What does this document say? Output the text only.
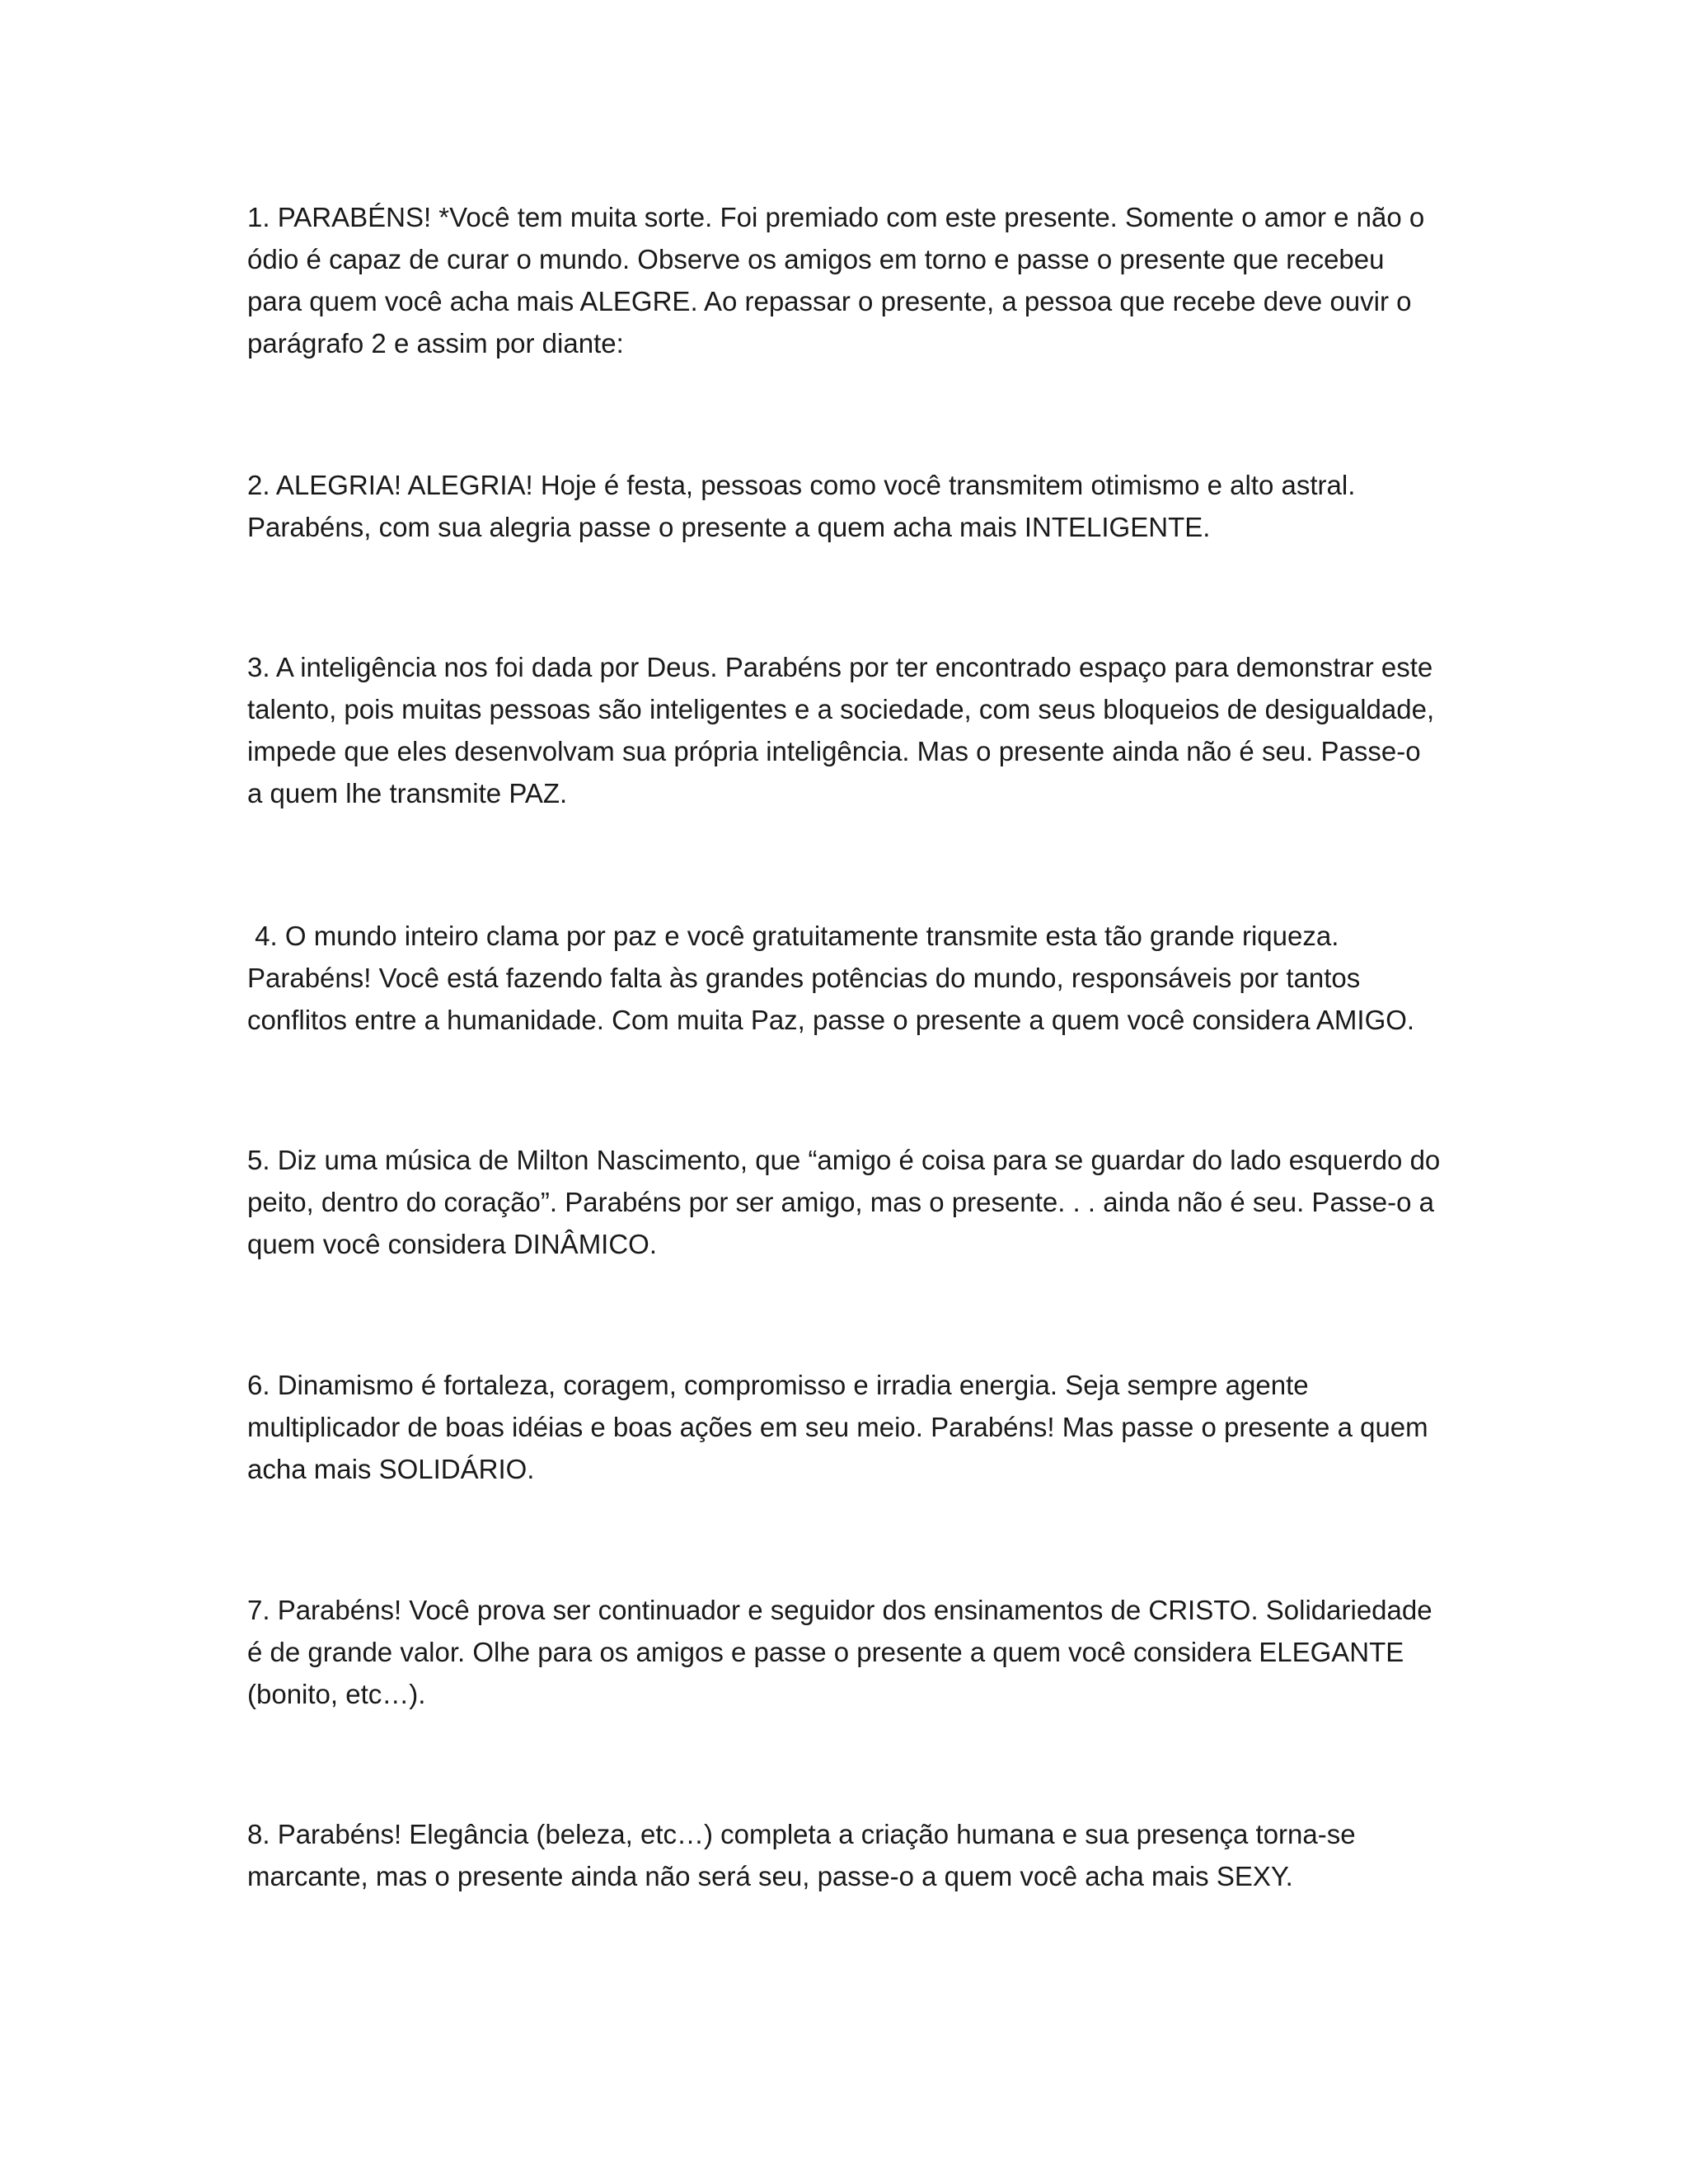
1. PARABÉNS! *Você tem muita sorte. Foi premiado com este presente. Somente o amor e não o ódio é capaz de curar o mundo. Observe os amigos em torno e passe o presente que recebeu para quem você acha mais ALEGRE. Ao repassar o presente, a pessoa que recebe deve ouvir o parágrafo 2 e assim por diante:

2. ALEGRIA! ALEGRIA! Hoje é festa, pessoas como você transmitem otimismo e alto astral. Parabéns, com sua alegria passe o presente a quem acha mais INTELIGENTE.

3. A inteligência nos foi dada por Deus. Parabéns por ter encontrado espaço para demonstrar este talento, pois muitas pessoas são inteligentes e a sociedade, com seus bloqueios de desigualdade, impede que eles desenvolvam sua própria inteligência. Mas o presente ainda não é seu. Passe-o a quem lhe transmite PAZ.

4. O mundo inteiro clama por paz e você gratuitamente transmite esta tão grande riqueza. Parabéns! Você está fazendo falta às grandes potências do mundo, responsáveis por tantos conflitos entre a humanidade. Com muita Paz, passe o presente a quem você considera AMIGO.

5. Diz uma música de Milton Nascimento, que “amigo é coisa para se guardar do lado esquerdo do peito, dentro do coração”. Parabéns por ser amigo, mas o presente. . . ainda não é seu. Passe-o a quem você considera DINÂMICO.

6. Dinamismo é fortaleza, coragem, compromisso e irradia energia. Seja sempre agente multiplicador de boas idéias e boas ações em seu meio. Parabéns! Mas passe o presente a quem acha mais SOLIDÁRIO.

7. Parabéns! Você prova ser continuador e seguidor dos ensinamentos de CRISTO. Solidariedade é de grande valor. Olhe para os amigos e passe o presente a quem você considera ELEGANTE (bonito, etc…).

8. Parabéns! Elegância (beleza, etc…) completa a criação humana e sua presença torna-se marcante, mas o presente ainda não será seu, passe-o a quem você acha mais SEXY.
